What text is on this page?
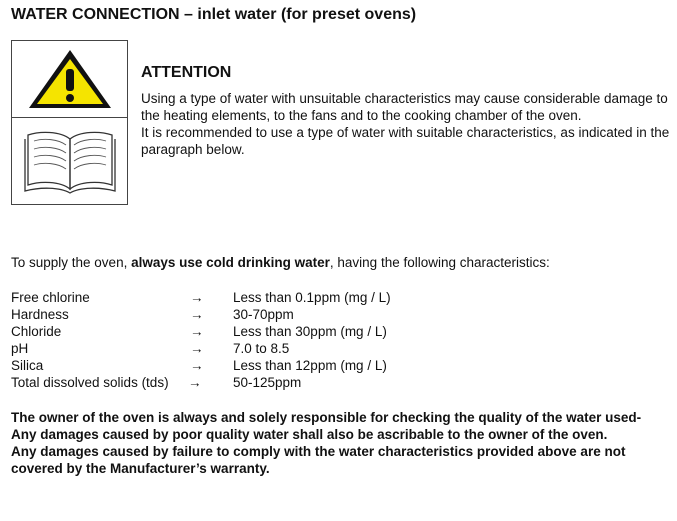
WATER CONNECTION – inlet water (for preset ovens)
ATTENTION
Using a type of water with unsuitable characteristics may cause considerable damage to the heating elements, to the fans and to the cooking chamber of the oven.
It is recommended to use a type of water with suitable characteristics, as indicated in the paragraph below.
To supply the oven, always use cold drinking water, having the following characteristics:
Free chlorine	→ Less than 0.1ppm (mg / L)
Hardness	→ 30-70ppm
Chloride	→ Less than 30ppm (mg / L)
pH	→ 7.0 to 8.5
Silica	→ Less than 12ppm (mg / L)
Total dissolved solids (tds) → 50-125ppm
The owner of the oven is always and solely responsible for checking the quality of the water used-
Any damages caused by poor quality water shall also be ascribable to the owner of the oven.
Any damages caused by failure to comply with the water characteristics provided above are not covered by the Manufacturer’s warranty.
